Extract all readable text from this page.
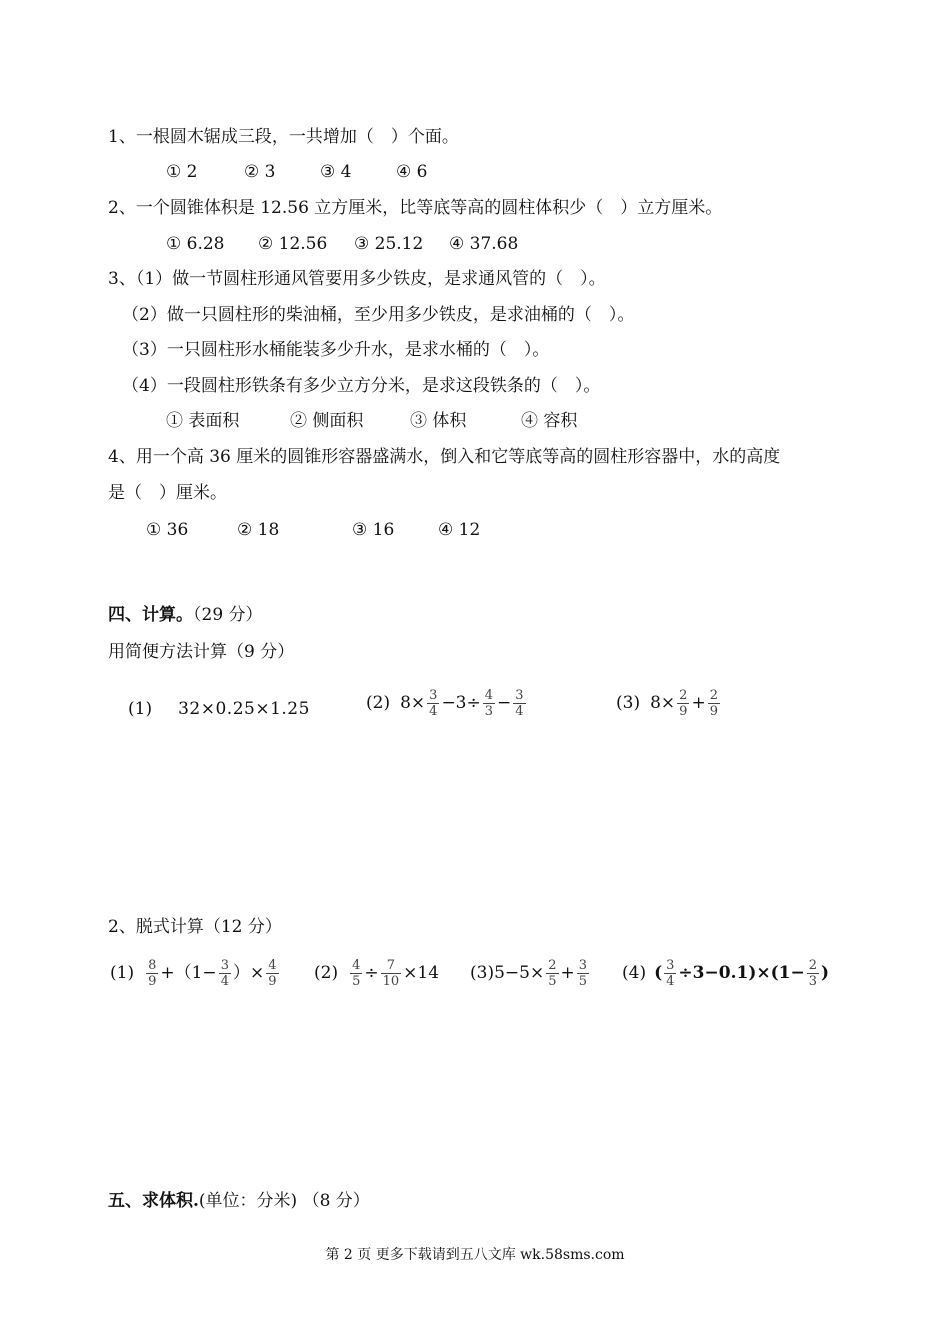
1、一根圆木锯成三段，一共增加（　）个面。
① 2	② 3	③ 4	④ 6
2、一个圆锥体积是 12.56 立方厘米，比等底等高的圆柱体积少（　）立方厘米。
① 6.28 ② 12.56 ③ 25.12 ④ 37.68
3、（1）做一节圆柱形通风管要用多少铁皮，是求通风管的（　）。
（2）做一只圆柱形的柴油桶，至少用多少铁皮，是求油桶的（　）。
（3）一只圆柱形水桶能装多少升水，是求水桶的（　）。
（4）一段圆柱形铁条有多少立方分米，是求这段铁条的（　）。
① 表面积	② 侧面积	③ 体积	④ 容积
4、用一个高 36 厘米的圆锥形容器盛满水，倒入和它等底等高的圆柱形容器中，水的高度
是（　）厘米。
① 36	② 18	③ 16	④ 12
四、计算。（29 分）
用简便方法计算（9 分）
(1) 32×0.25×1.25	(2) $8\times \frac{3}{4} -3\div \frac{4}{3} - \frac{3}{4}$	(3) $8\times \frac{2}{9} + \frac{2}{9}$
2、脱式计算（12 分）
$(1) \frac{8}{9} +(1- \frac{3}{4}$ ）× $\frac{4}{9} (2) \frac{4}{5} \div \frac{7}{10} \times 14$ (3) $5-5\times \frac{2}{5} + \frac{3}{5} (4)$ ( $\frac{3}{4} \div 3-0.1)\times(1- \frac{2}{3}$ )
五、求体积.(单位：分米) （8 分）
第 2 页 更多下载请到五八文库 wk.58sms.com
